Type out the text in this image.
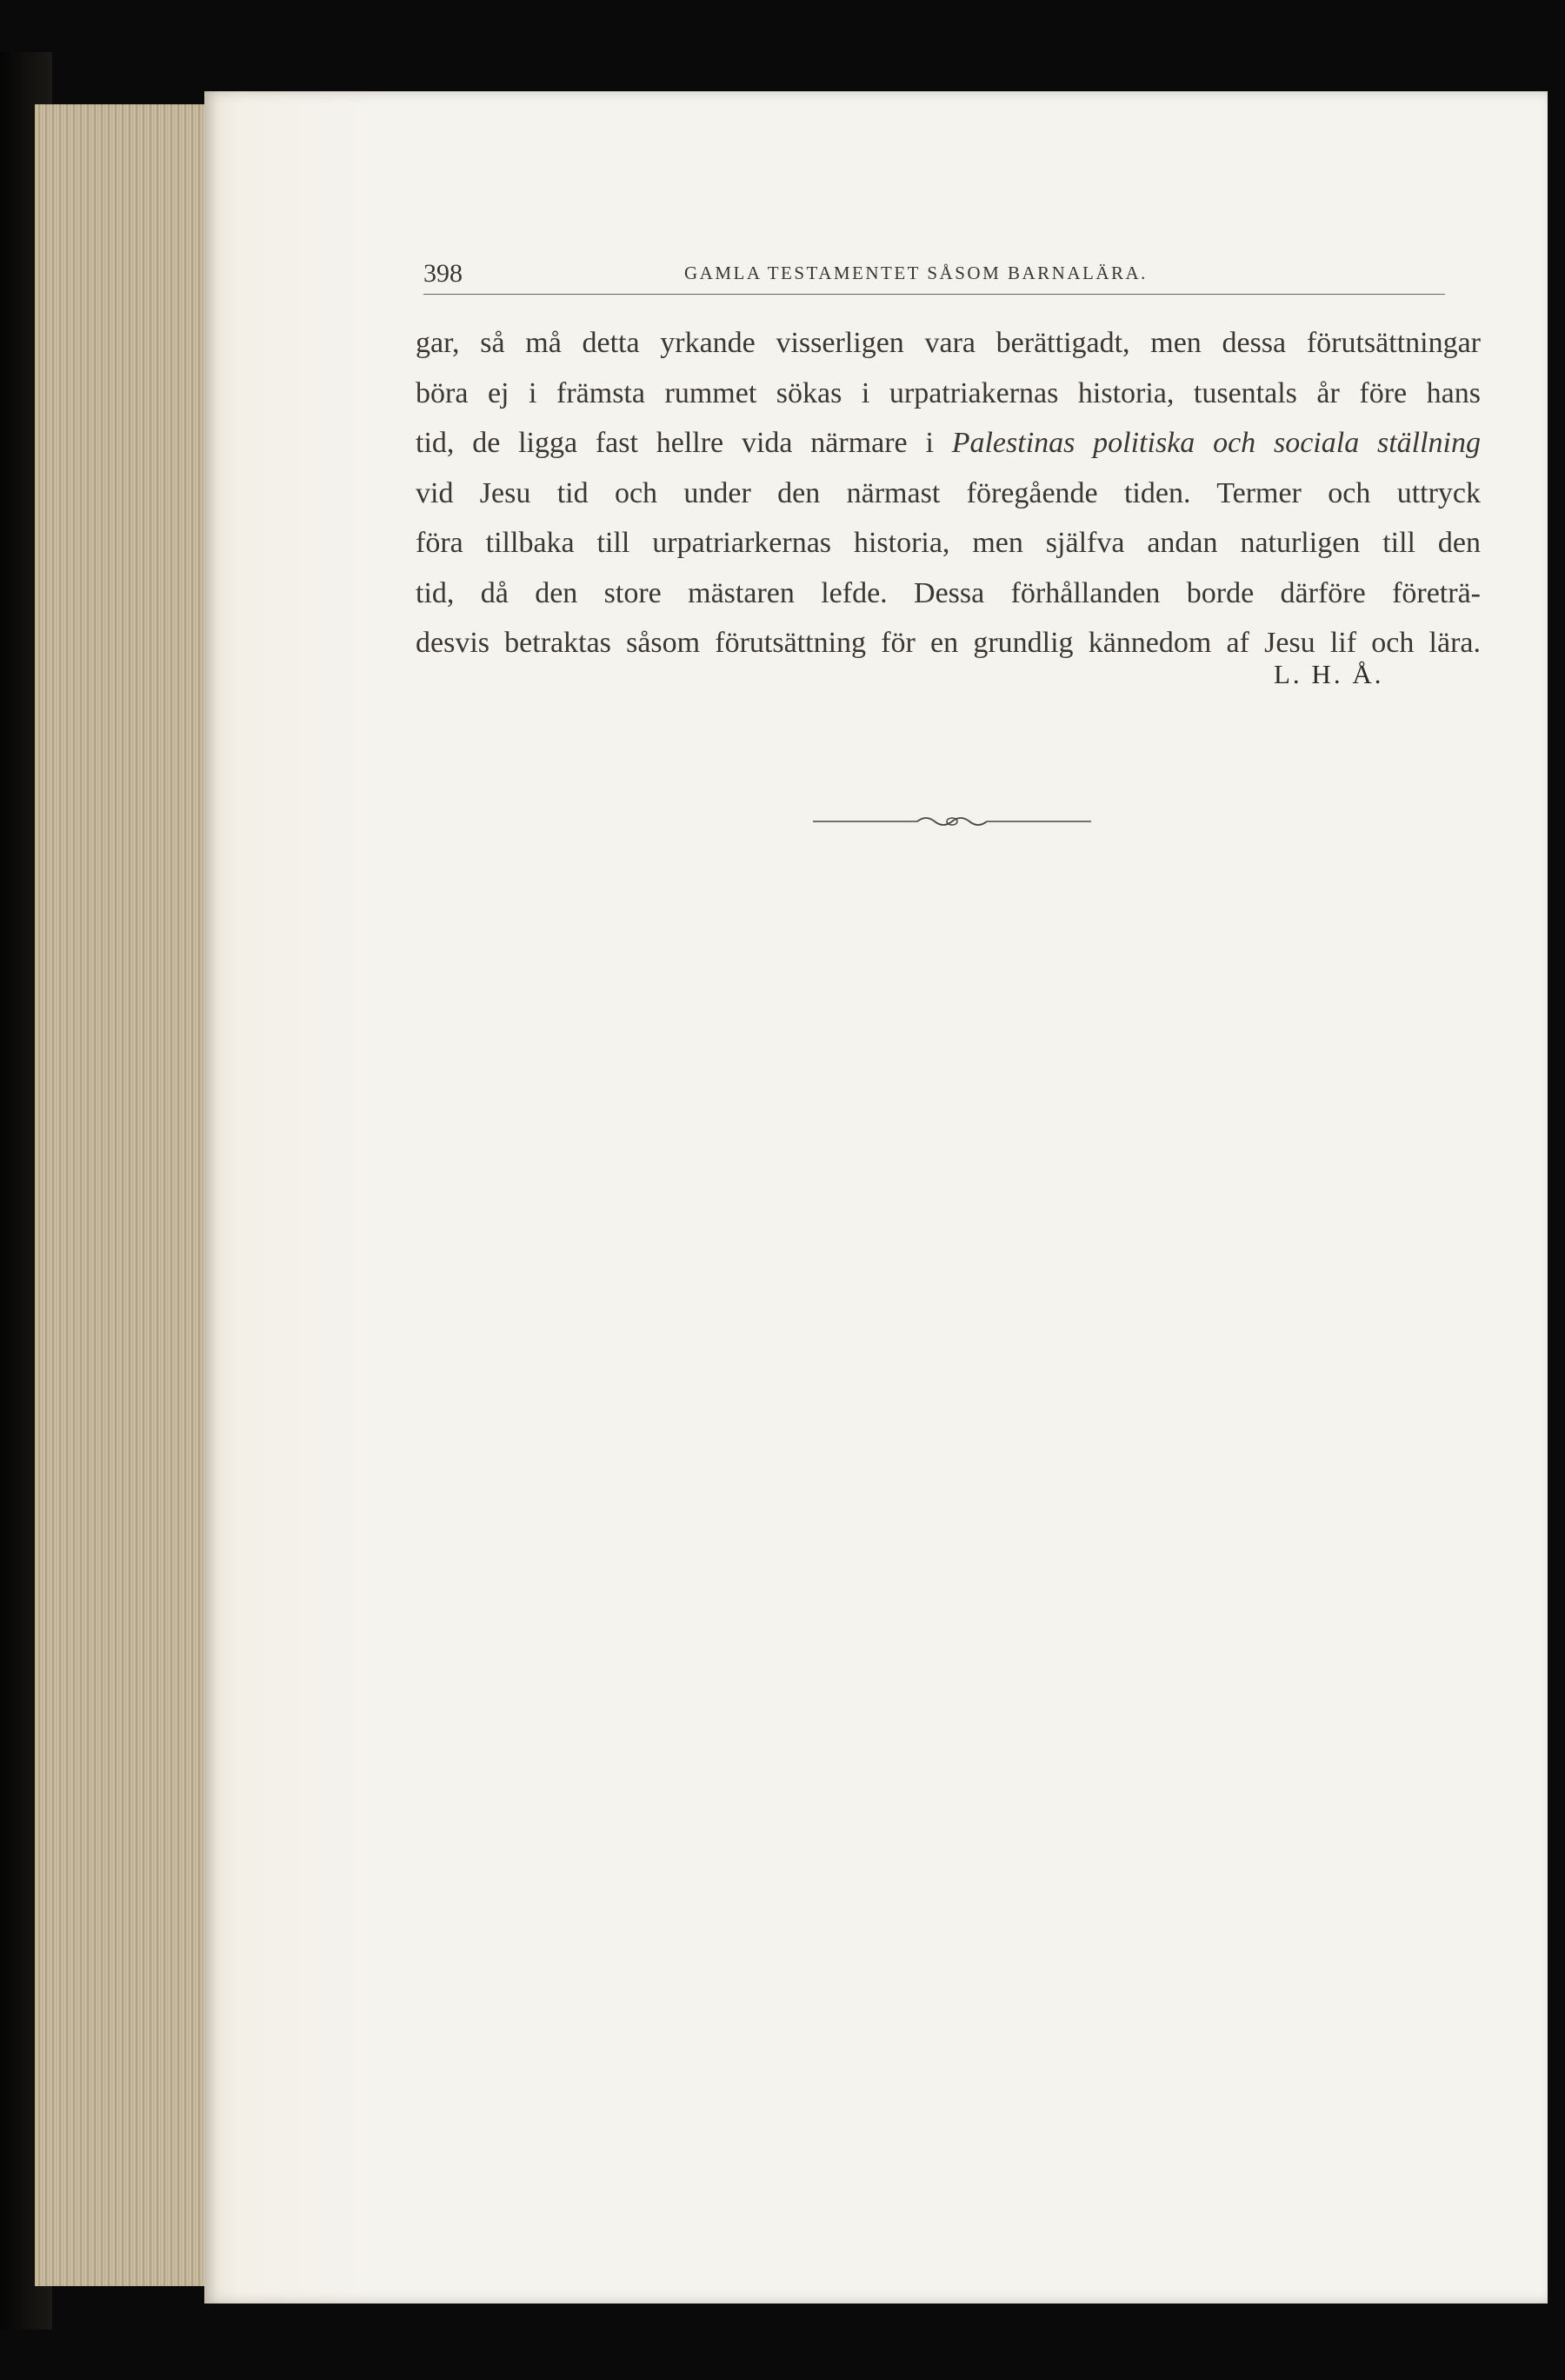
398	GAMLA TESTAMENTET SÅSOM BARNALÄRA.
gar, så må detta yrkande visserligen vara berättigadt, men dessa förutsättningar
böra ej i främsta rummet sökas i urpatriakernas historia, tusentals år före hans
tid, de ligga fast hellre vida närmare i Palestinas politiska och sociala ställning
vid Jesu tid och under den närmast föregående tiden. Termer och uttryck
föra tillbaka till urpatriarkernas historia, men själfva andan naturligen till den
tid, då den store mästaren lefde. Dessa förhållanden borde därföre företrä-
desvis betraktas såsom förutsättning för en grundlig kännedom af Jesu lif och lära.
L. H. Å.
